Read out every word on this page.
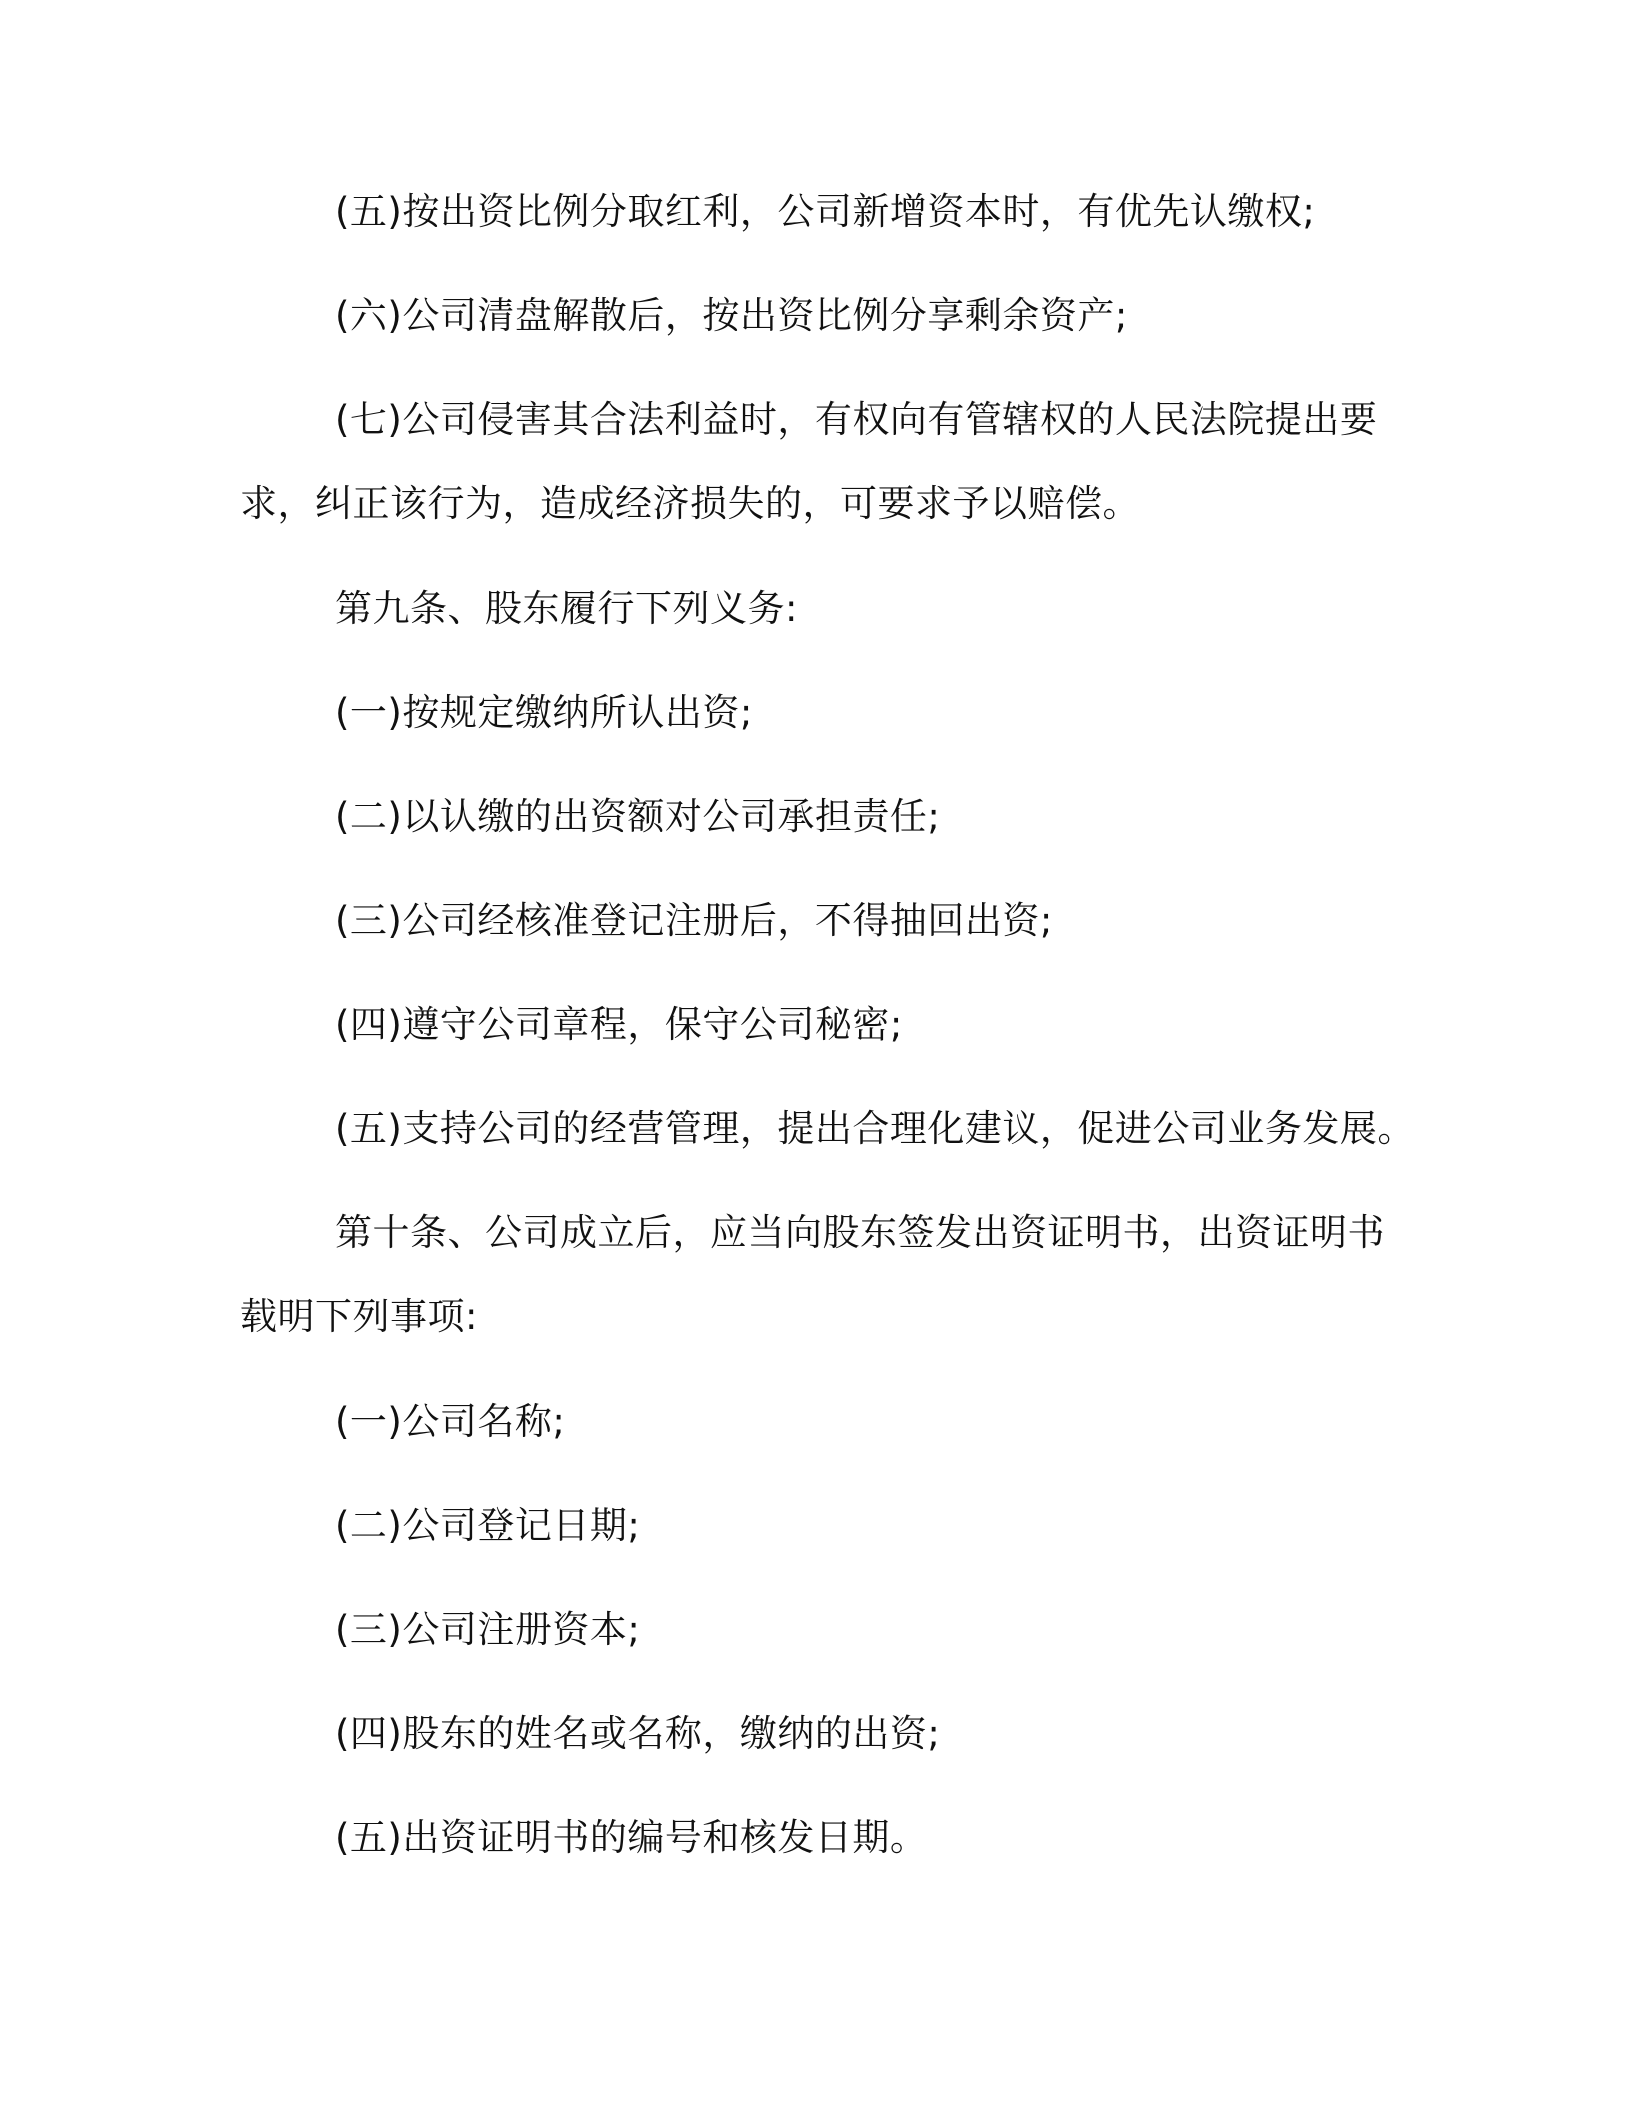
(五)按出资比例分取红利，公司新增资本时，有优先认缴权;

(六)公司清盘解散后，按出资比例分享剩余资产;

(七)公司侵害其合法利益时，有权向有管辖权的人民法院提出要求，纠正该行为，造成经济损失的，可要求予以赔偿。

第九条、股东履行下列义务:

(一)按规定缴纳所认出资;

(二)以认缴的出资额对公司承担责任;

(三)公司经核准登记注册后，不得抽回出资;

(四)遵守公司章程，保守公司秘密;

(五)支持公司的经营管理，提出合理化建议，促进公司业务发展。

第十条、公司成立后，应当向股东签发出资证明书，出资证明书载明下列事项:

(一)公司名称;

(二)公司登记日期;

(三)公司注册资本;

(四)股东的姓名或名称，缴纳的出资;

(五)出资证明书的编号和核发日期。
